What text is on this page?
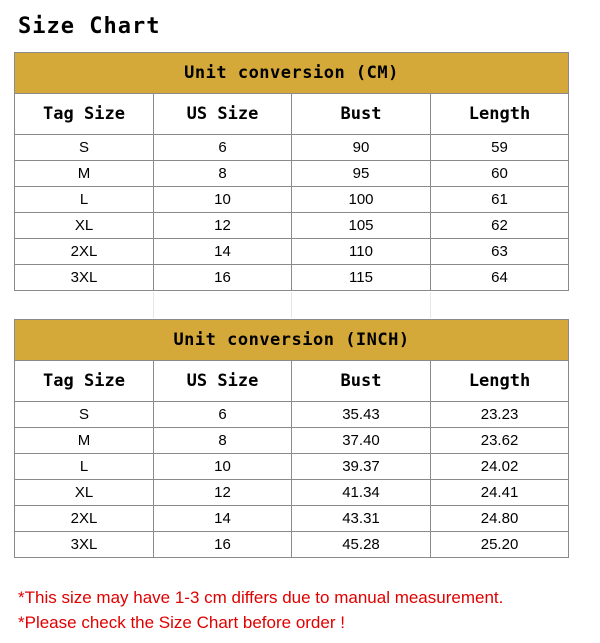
Size Chart
Unit conversion (CM)			
Tag Size	US Size	Bust	Length
S	6	90	59
M	8	95	60
L	10	100	61
XL	12	105	62
2XL	14	110	63
3XL	16	115	64
Unit conversion (INCH)			
Tag Size	US Size	Bust	Length
S	6	35.43	23.23
M	8	37.40	23.62
L	10	39.37	24.02
XL	12	41.34	24.41
2XL	14	43.31	24.80
3XL	16	45.28	25.20
*This size may have 1-3 cm differs due to manual measurement.
*Please check the Size Chart before order !
